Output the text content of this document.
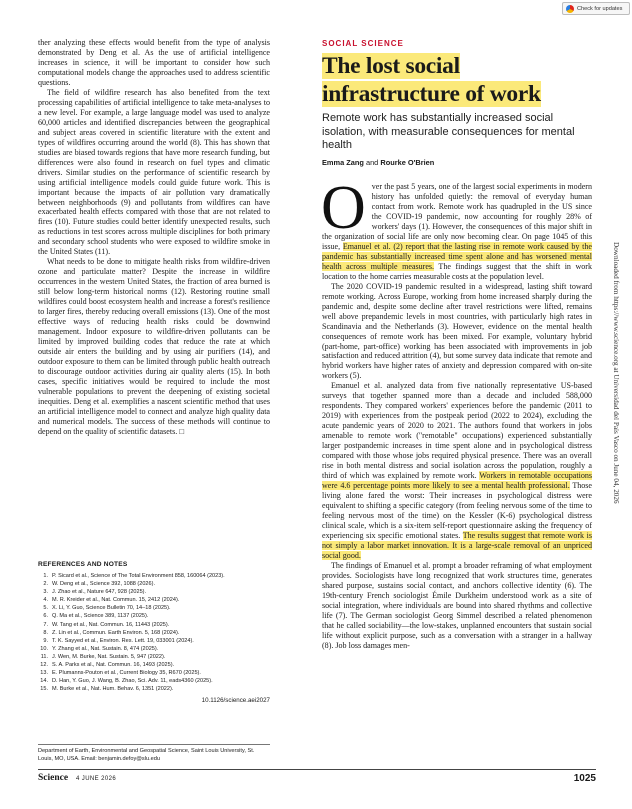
Check for updates

ther analyzing these effects would benefit from the type of analysis demonstrated by Deng et al. As the use of artificial intelligence increases in science, it will be important to consider how such computational models change the approaches used to address scientific questions.

The field of wildfire research has also benefited from the text processing capabilities of artificial intelligence to take meta-analyses to a new level. For example, a large language model was used to analyze 60,000 articles and identified discrepancies between the geographical and subject areas covered in scientific literature with the extent and types of wildfires occurring around the world (8). This has shown that studies are biased towards regions that have more research funding, but differences were also found in research on fuel types and climatic drivers. Similar studies on the performance of scientific research by using artificial intelligence models could guide future work. This is important because the impacts of air pollution vary dramatically between neighborhoods (9) and pollutants from wildfires can have exacerbated health effects compared with those that are not related to fires (10). Future studies could better identify unexpected results, such as reductions in test scores across multiple disciplines for both primary and secondary school students who were exposed to wildfire smoke in the United States (11).

What needs to be done to mitigate health risks from wildfire-driven ozone and particulate matter? Despite the increase in wildfire occurrences in the western United States, the fraction of area burned is still below long-term historical norms (12). Restoring routine small wildfires could boost ecosystem health and increase a forest's resilience to larger fires, thereby reducing overall emissions (13). One of the most effective ways of reducing health risks could be downwind management. Indoor exposure to wildfire-driven pollutants can be limited by improved building codes that reduce the rate at which outside air enters the building and by using air purifiers (14), and outdoor exposure to them can be limited through public health outreach to discourage outdoor activities during air quality alerts (15). In both cases, specific initiatives would be required to include the most vulnerable populations to prevent the deepening of existing societal inequities. Deng et al. exemplifies a nascent scientific method that uses an artificial intelligence model to connect and analyze high quality data and numerical models. The success of these methods will continue to depend on the quality of scientific datasets. □

REFERENCES AND NOTES
1. P. Sicard et al., Science of The Total Environment 858, 160064 (2023).
2. W. Deng et al., Science 392, 1088 (2026).
3. J. Zhao et al., Nature 647, 928 (2025).
4. M. R. Kreider et al., Nat. Commun. 15, 2412 (2024).
5. X. Li, Y. Guo, Science Bulletin 70, 14–18 (2025).
6. Q. Ma et al., Science 389, 1137 (2025).
7. W. Tang et al., Nat. Commun. 16, 11443 (2025).
8. Z. Lin et al., Commun. Earth Environ. 5, 168 (2024).
9. T. K. Sayyed et al., Environ. Res. Lett. 19, 033001 (2024).
10. Y. Zhang et al., Nat. Sustain. 8, 474 (2025).
11. J. Wen, M. Burke, Nat. Sustain. 5, 947 (2022).
12. S. A. Parks et al., Nat. Commun. 16, 1493 (2025).
13. E. Plumanns-Pouton et al., Current Biology 35, R670 (2025).
14. D. Han, Y. Guo, J. Wang, B. Zhao, Sci. Adv. 11, eads4360 (2025).
15. M. Burke et al., Nat. Hum. Behav. 6, 1351 (2022).
10.1126/science.aei2027
Department of Earth, Environmental and Geospatial Science, Saint Louis University, St. Louis, MO, USA. Email: benjamin.defoy@slu.edu
Science 4 JUNE 2026	1025
SOCIAL SCIENCE
The lost social
infrastructure of work
Remote work has substantially increased social isolation, with measurable consequences for mental health
Emma Zang and Rourke O'Brien

Over the past 5 years, one of the largest social experiments in modern history has unfolded quietly: the removal of everyday human contact from work. Remote work has quadrupled in the US since the COVID-19 pandemic, now accounting for roughly 28% of workers' days (1). However, the consequences of this major shift in the organization of social life are only now becoming clear. On page 1045 of this issue, Emanuel et al. (2) report that the lasting rise in remote work caused by the pandemic has substantially increased time spent alone and has worsened mental health across multiple measures. The findings suggest that the shift in work location to the home carries measurable costs at the population level.

The 2020 COVID-19 pandemic resulted in a widespread, lasting shift toward remote working. Across Europe, working from home increased sharply during the pandemic and, despite some decline after travel restrictions were lifted, remains well above prepandemic levels in most countries, with particularly high rates in Scandinavia and the Netherlands (3). However, evidence on the mental health consequences of remote work has been mixed. For example, voluntary hybrid (part-home, part-office) working has been associated with improvements in job satisfaction and reduced attrition (4), but some survey data indicate that remote and hybrid workers have higher rates of anxiety and depression compared with on-site workers (5).

Emanuel et al. analyzed data from five nationally representative US-based surveys that together spanned more than a decade and included 588,000 respondents. They compared workers' experiences before the pandemic (2011 to 2019) with experiences from the postpeak period (2022 to 2024), excluding the acute pandemic years of 2020 to 2021. The authors found that workers in jobs amenable to remote work ("remotable" occupations) experienced substantially larger postpandemic increases in time spent alone and in psychological distress compared with those whose jobs required physical presence. There was an overall rise in both mental distress and social isolation across the population, roughly a third of which was explained by remote work. Workers in remotable occupations were 4.6 percentage points more likely to see a mental health professional. Those living alone fared the worst: Their increases in psychological distress were equivalent to shifting a specific category (from feeling nervous some of the time to feeling nervous most of the time) on the Kessler (K-6) psychological distress clinical scale, which is a six-item self-report questionnaire asking the frequency of experiencing six specific emotional states. The results suggest that remote work is not simply a labor market innovation. It is a large-scale removal of an unpriced social good.

The findings of Emanuel et al. prompt a broader reframing of what employment provides. Sociologists have long recognized that work structures time, generates shared purpose, sustains social contact, and anchors collective identity (6). The 19th-century French sociologist Émile Durkheim understood work as a site of social integration, where individuals are bound into shared rhythms and collective life (7). The German sociologist Georg Simmel described a related phenomenon that he called sociability—the low-stakes, unplanned encounters that sustain social life without explicit purpose, such as a conversation with a stranger in a hallway (8). Job loss damages men-

Downloaded from https://www.science.org at Universidad del Pais Vasco on June 04, 2026
